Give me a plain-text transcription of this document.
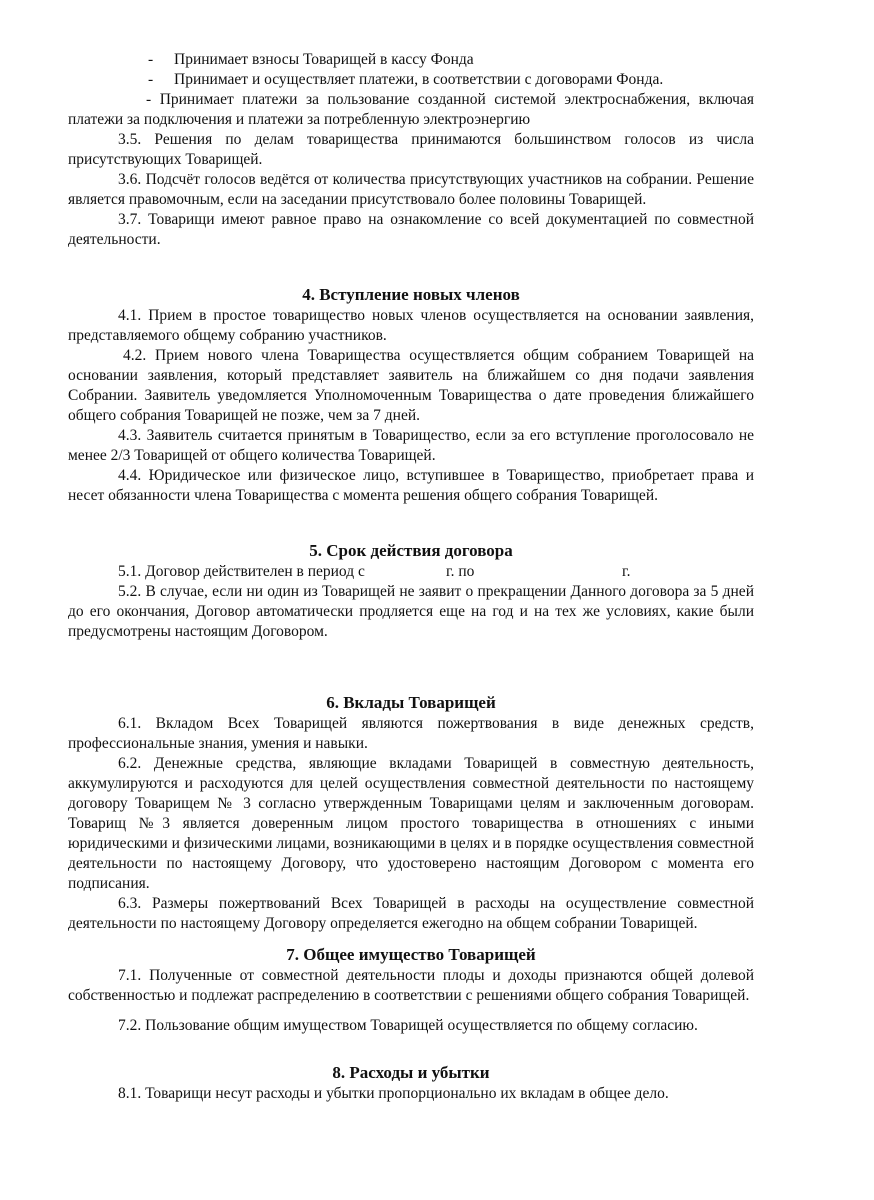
- Принимает взносы Товарищей в кассу Фонда
- Принимает и осуществляет платежи, в соответствии с договорами Фонда.

- Принимает платежи за пользование созданной системой электроснабжения, включая платежи за подключения и платежи за потребленную электроэнергию

3.5. Решения по делам товарищества принимаются большинством голосов из числа присутствующих Товарищей.

3.6. Подсчёт голосов ведётся от количества присутствующих участников на собрании. Решение является правомочным, если на заседании присутствовало более половины Товарищей.

3.7. Товарищи имеют равное право на ознакомление со всей документацией по совместной деятельности.

4. Вступление новых членов

4.1. Прием в простое товарищество новых членов осуществляется на основании заявления, представляемого общему собранию участников.

4.2. Прием нового члена Товарищества осуществляется общим собранием Товарищей на основании заявления, который представляет заявитель на ближайшем со дня подачи заявления Собрании. Заявитель уведомляется Уполномоченным Товарищества о дате проведения ближайшего общего собрания Товарищей не позже, чем за 7 дней.

4.3. Заявитель считается принятым в Товарищество, если за его вступление проголосовало не менее 2/3 Товарищей от общего количества Товарищей.

4.4. Юридическое или физическое лицо, вступившее в Товарищество, приобретает права и несет обязанности члена Товарищества с момента решения общего собрания Товарищей.

5. Срок действия договора
5.1. Договор действителен в период с	г. по	г.

5.2. В случае, если ни один из Товарищей не заявит о прекращении Данного договора за 5 дней до его окончания, Договор автоматически продляется еще на год и на тех же условиях, какие были предусмотрены настоящим Договором.

6. Вклады Товарищей

6.1. Вкладом Всех Товарищей являются пожертвования в виде денежных средств, профессиональные знания, умения и навыки.

6.2. Денежные средства, являющие вкладами Товарищей в совместную деятельность, аккумулируются и расходуются для целей осуществления совместной деятельности по настоящему договору Товарищем № 3 согласно утвержденным Товарищами целям и заключенным договорам. Товарищ №3 является доверенным лицом простого товарищества в отношениях с иными юридическими и физическими лицами, возникающими в целях и в порядке осуществления совместной деятельности по настоящему Договору, что удостоверено настоящим Договором с момента его подписания.

6.3. Размеры пожертвований Всех Товарищей в расходы на осуществление совместной деятельности по настоящему Договору определяется ежегодно на общем собрании Товарищей.

7. Общее имущество Товарищей

7.1. Полученные от совместной деятельности плоды и доходы признаются общей долевой собственностью и подлежат распределению в соответствии с решениями общего собрания Товарищей.

7.2. Пользование общим имуществом Товарищей осуществляется по общему согласию.

8. Расходы и убытки

8.1. Товарищи несут расходы и убытки пропорционально их вкладам в общее дело.
